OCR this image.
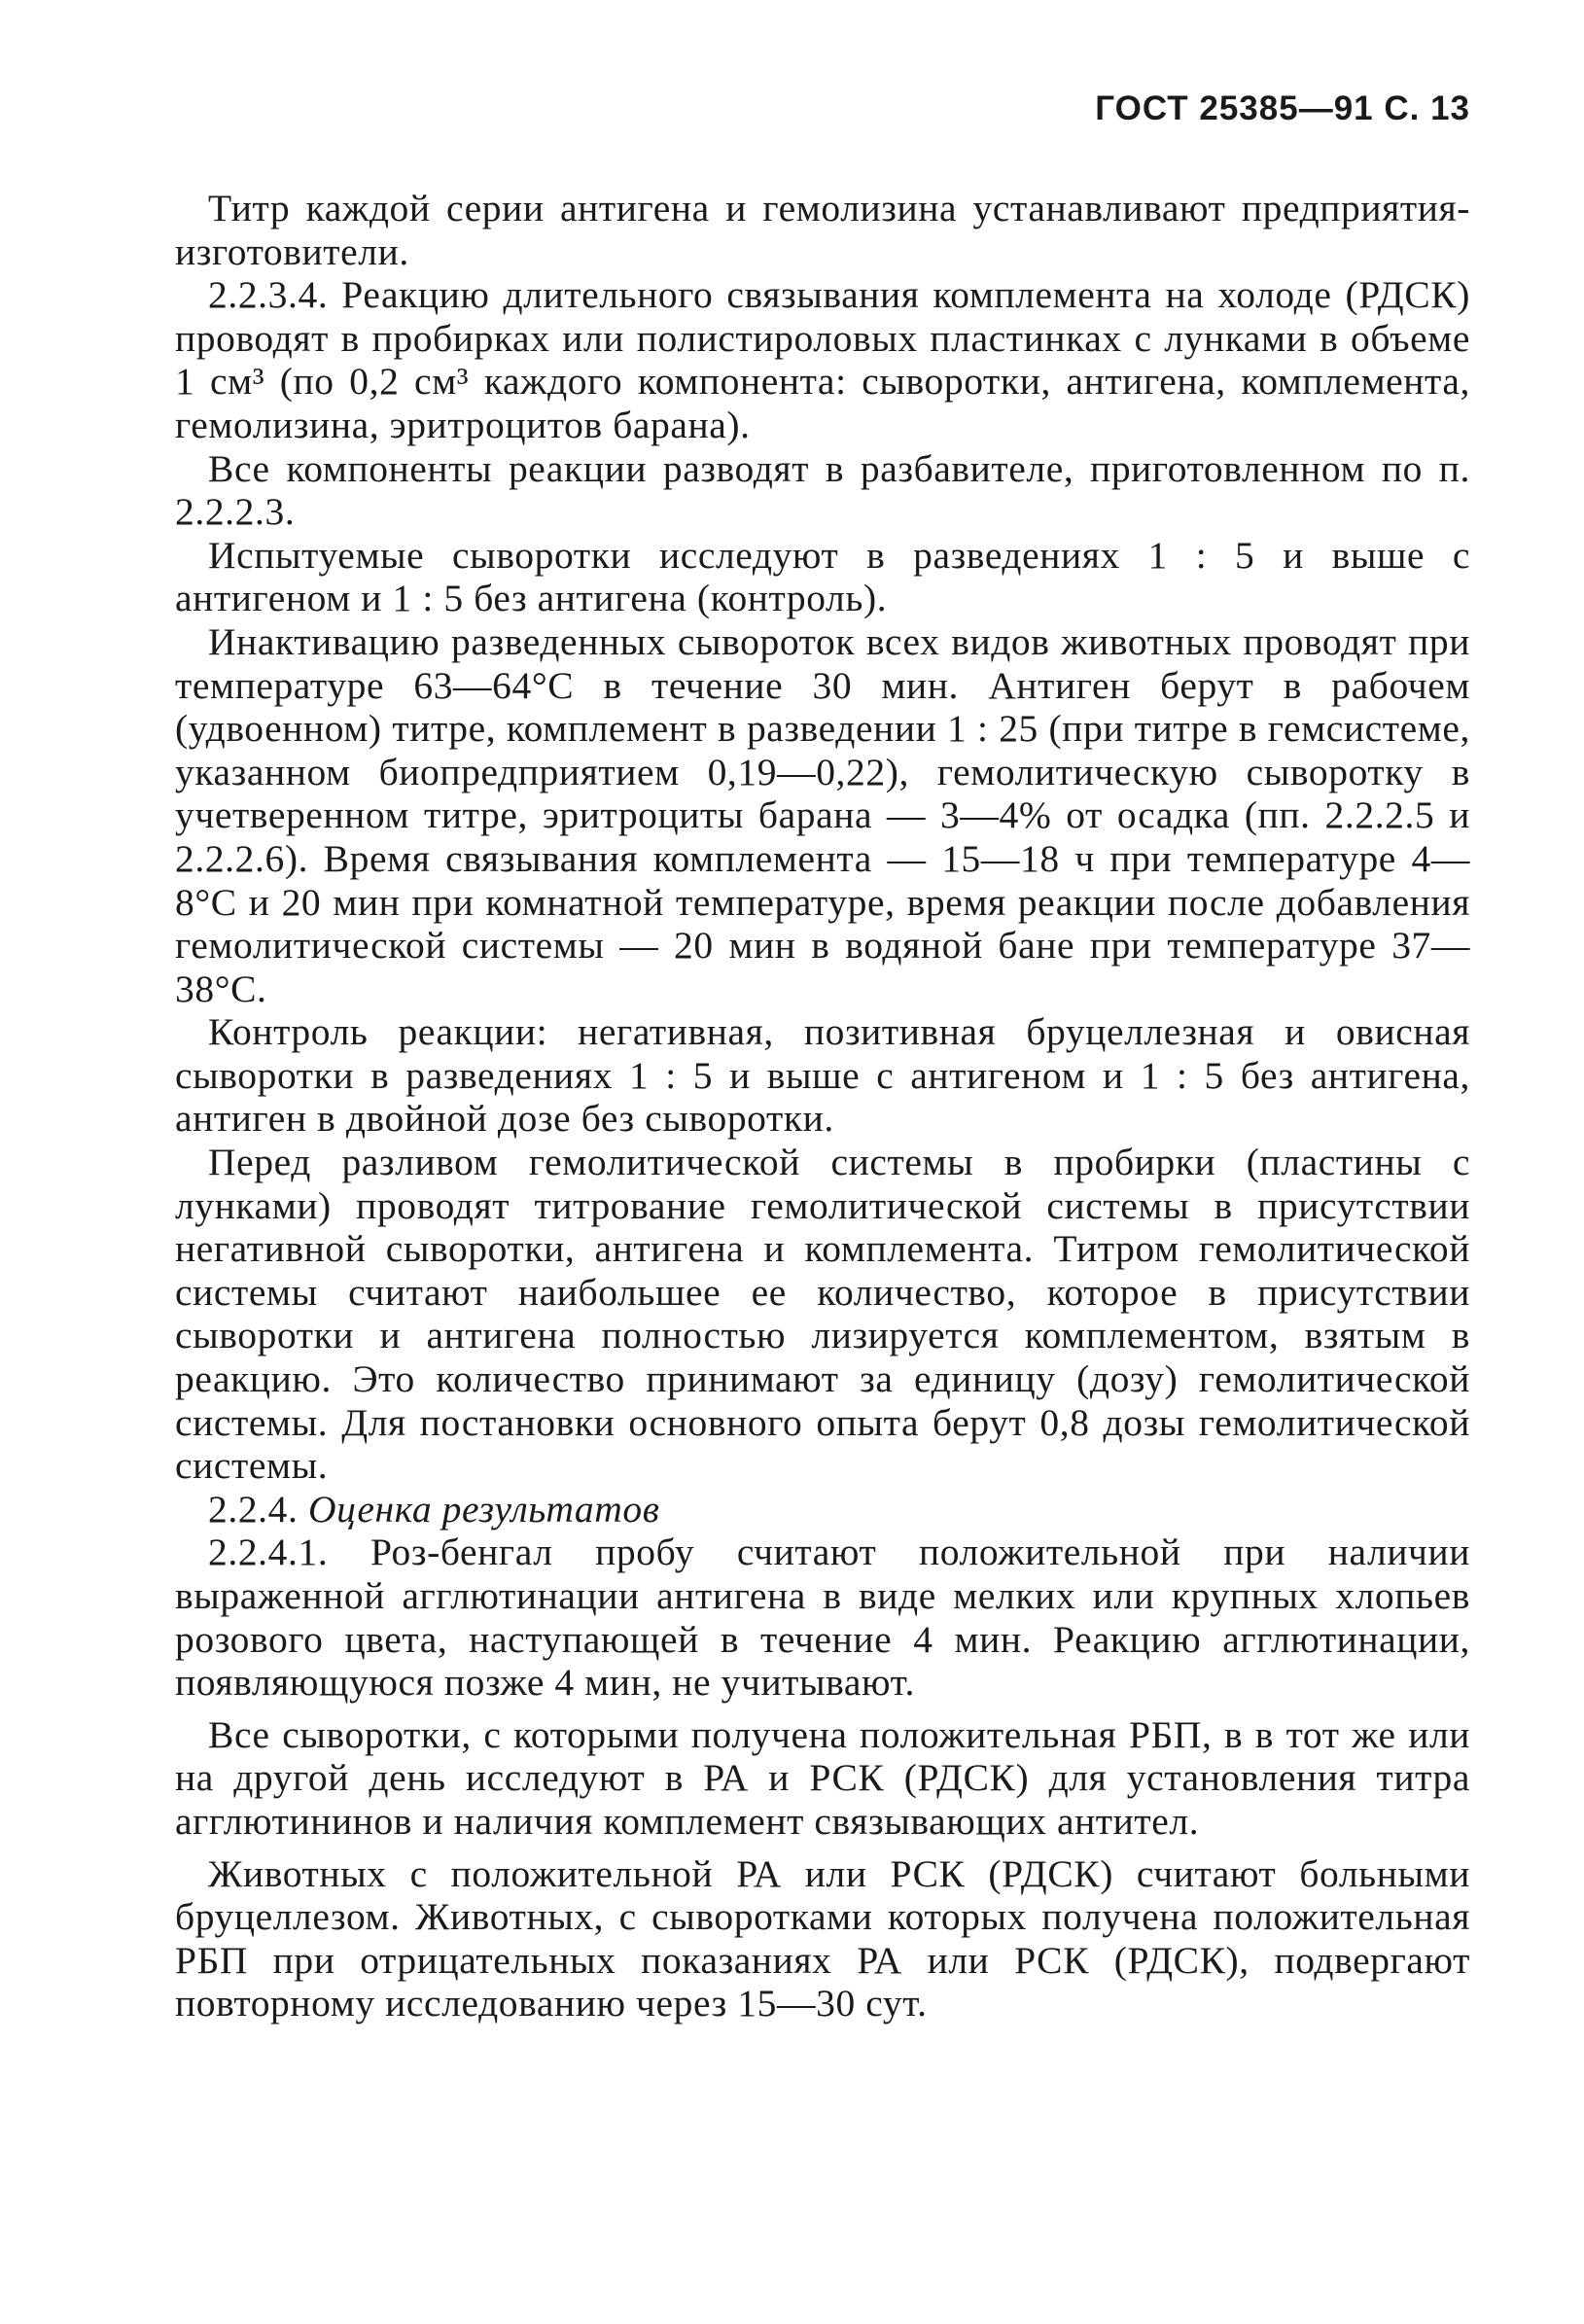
ГОСТ 25385—91 С. 13

Титр каждой серии антигена и гемолизина устанавливают предприятия-изготовители.

2.2.3.4. Реакцию длительного связывания комплемента на холоде (РДСК) проводят в пробирках или полистироловых пластинках с лунками в объеме 1 см³ (по 0,2 см³ каждого компонента: сыворотки, антигена, комплемента, гемолизина, эритроцитов барана).

Все компоненты реакции разводят в разбавителе, приготовленном по п. 2.2.2.3.

Испытуемые сыворотки исследуют в разведениях 1 : 5 и выше с антигеном и 1 : 5 без антигена (контроль).

Инактивацию разведенных сывороток всех видов животных проводят при температуре 63—64°С в течение 30 мин. Антиген берут в рабочем (удвоенном) титре, комплемент в разведении 1 : 25 (при титре в гемсистеме, указанном биопредприятием 0,19—0,22), гемолитическую сыворотку в учетверенном титре, эритроциты барана — 3—4% от осадка (пп. 2.2.2.5 и 2.2.2.6). Время связывания комплемента — 15—18 ч при температуре 4—8°С и 20 мин при комнатной температуре, время реакции после добавления гемолитической системы — 20 мин в водяной бане при температуре 37—38°С.

Контроль реакции: негативная, позитивная бруцеллезная и овисная сыворотки в разведениях 1 : 5 и выше с антигеном и 1 : 5 без антигена, антиген в двойной дозе без сыворотки.

Перед разливом гемолитической системы в пробирки (пластины с лунками) проводят титрование гемолитической системы в присутствии негативной сыворотки, антигена и комплемента. Титром гемолитической системы считают наибольшее ее количество, которое в присутствии сыворотки и антигена полностью лизируется комплементом, взятым в реакцию. Это количество принимают за единицу (дозу) гемолитической системы. Для постановки основного опыта берут 0,8 дозы гемолитической системы.

2.2.4. Оценка результатов

2.2.4.1. Роз-бенгал пробу считают положительной при наличии выраженной агглютинации антигена в виде мелких или крупных хлопьев розового цвета, наступающей в течение 4 мин. Реакцию агглютинации, появляющуюся позже 4 мин, не учитывают.

Все сыворотки, с которыми получена положительная РБП, в в тот же или на другой день исследуют в РА и РСК (РДСК) для установления титра агглютининов и наличия комплемент связывающих антител.

Животных с положительной РА или РСК (РДСК) считают больными бруцеллезом. Животных, с сыворотками которых получена положительная РБП при отрицательных показаниях РА или РСК (РДСК), подвергают повторному исследованию через 15—30 сут.
